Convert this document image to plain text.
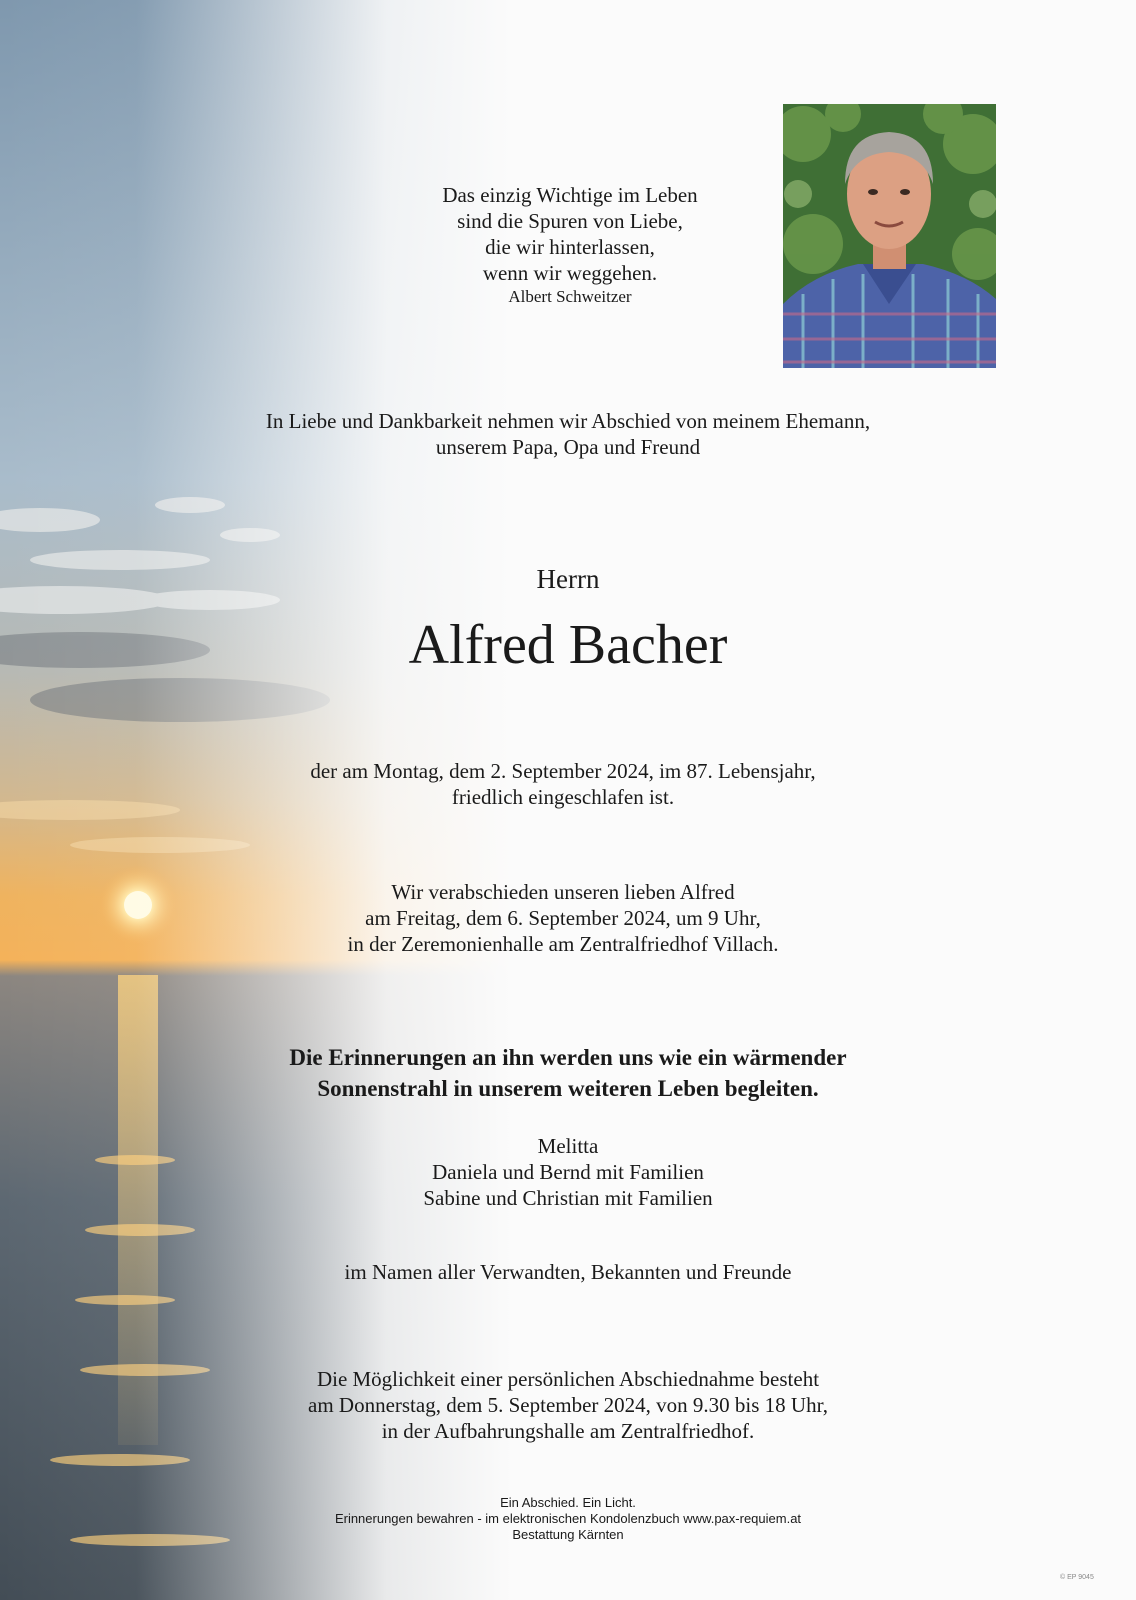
Das einzig Wichtige im Leben
sind die Spuren von Liebe,
die wir hinterlassen,
wenn wir weggehen.
Albert Schweitzer
In Liebe und Dankbarkeit nehmen wir Abschied von meinem Ehemann,
unserem Papa, Opa und Freund
Herrn
Alfred Bacher
der am Montag, dem 2. September 2024, im 87. Lebensjahr,
friedlich eingeschlafen ist.
Wir verabschieden unseren lieben Alfred
am Freitag, dem 6. September 2024, um 9 Uhr,
in der Zeremonienhalle am Zentralfriedhof Villach.
Die Erinnerungen an ihn werden uns wie ein wärmender
Sonnenstrahl in unserem weiteren Leben begleiten.
Melitta
Daniela und Bernd mit Familien
Sabine und Christian mit Familien
im Namen aller Verwandten, Bekannten und Freunde
Die Möglichkeit einer persönlichen Abschiednahme besteht
am Donnerstag, dem 5. September 2024, von 9.30 bis 18 Uhr,
in der Aufbahrungshalle am Zentralfriedhof.
Ein Abschied. Ein Licht.
Erinnerungen bewahren - im elektronischen Kondolenzbuch www.pax-requiem.at
Bestattung Kärnten
© EP 9045
